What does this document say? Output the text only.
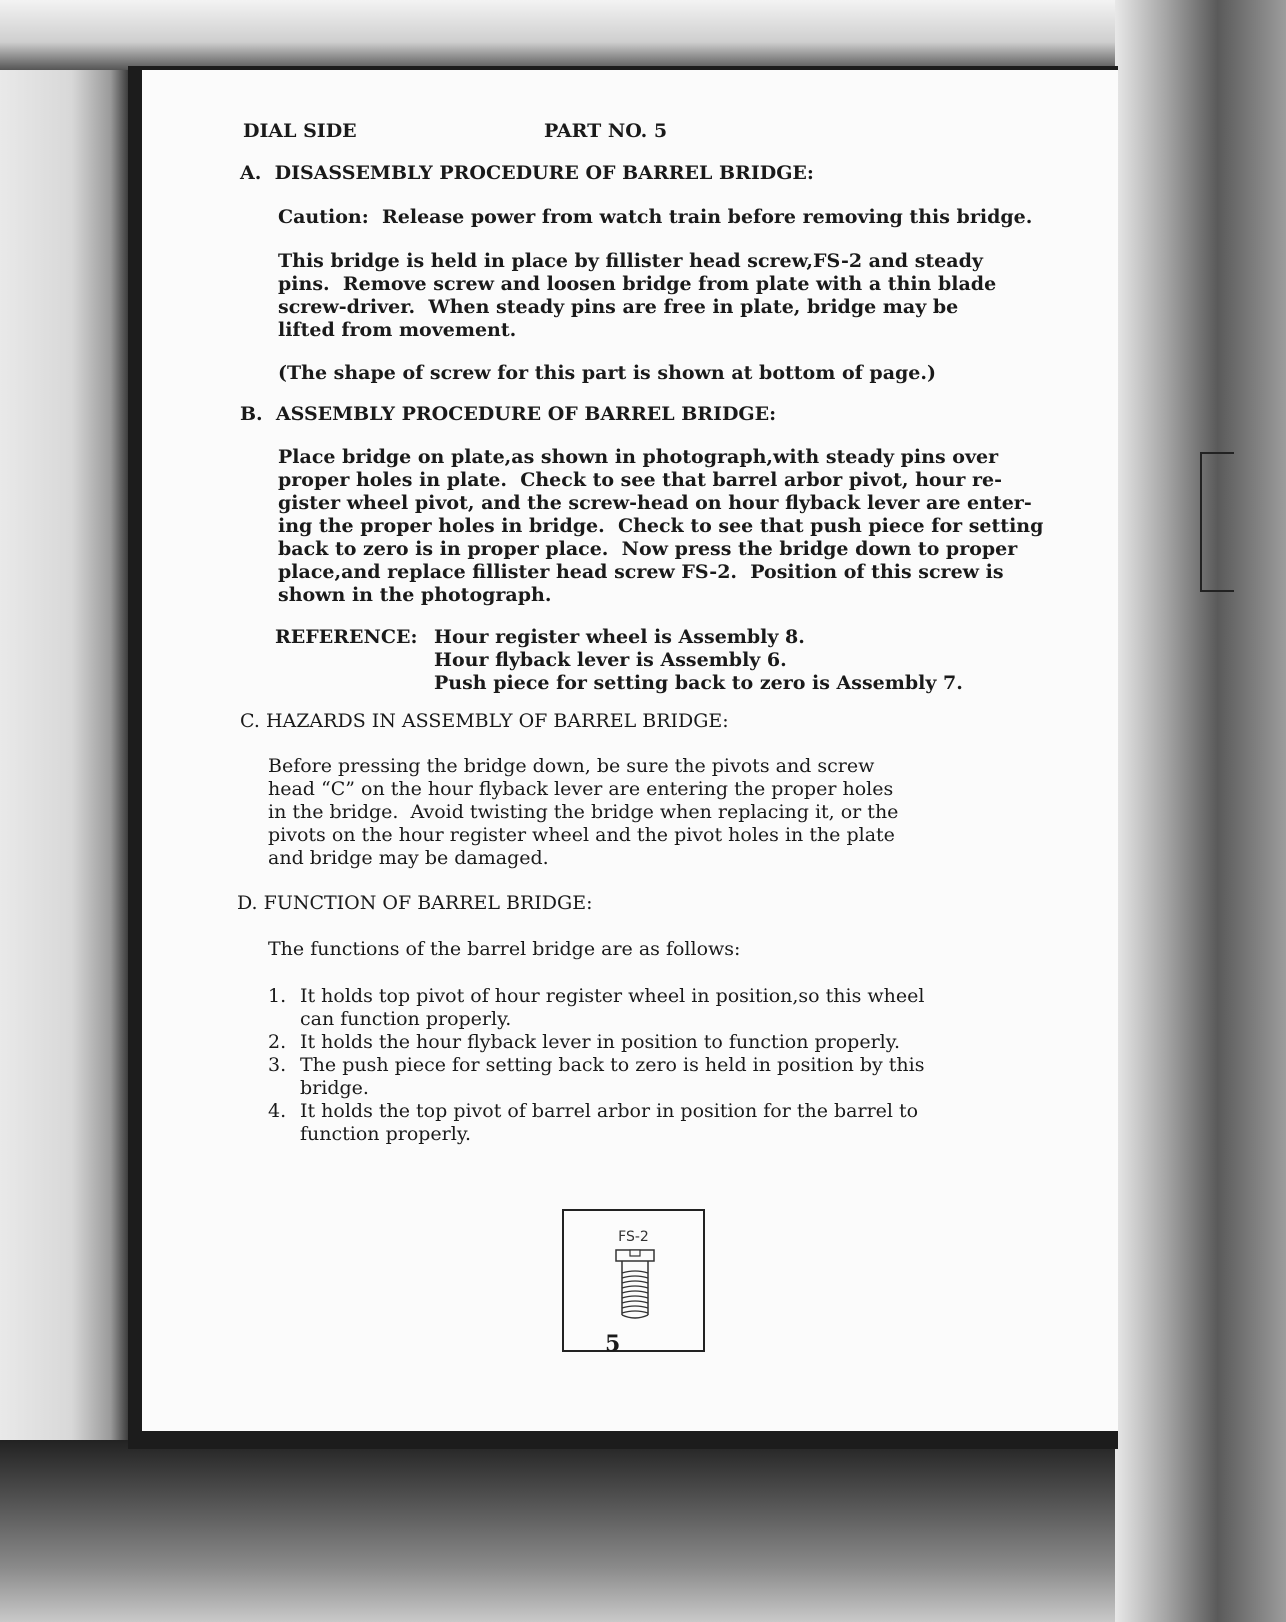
DIAL SIDE	PART NO. 5

A.  DISASSEMBLY PROCEDURE OF BARREL BRIDGE:

Caution:  Release power from watch train before removing this bridge.

This bridge is held in place by fillister head screw,FS-2 and steady

pins.  Remove screw and loosen bridge from plate with a thin blade

screw-driver.  When steady pins are free in plate, bridge may be

lifted from movement.

(The shape of screw for this part is shown at bottom of page.)

B.  ASSEMBLY PROCEDURE OF BARREL BRIDGE:

Place bridge on plate,as shown in photograph,with steady pins over

proper holes in plate.  Check to see that barrel arbor pivot, hour re-

gister wheel pivot, and the screw-head on hour flyback lever are enter-

ing the proper holes in bridge.  Check to see that push piece for setting

back to zero is in proper place.  Now press the bridge down to proper

place,and replace fillister head screw FS-2.  Position of this screw is

shown in the photograph.

REFERENCE: Hour register wheel is Assembly 8.

Hour flyback lever is Assembly 6.

Push piece for setting back to zero is Assembly 7.

C. HAZARDS IN ASSEMBLY OF BARREL BRIDGE:

Before pressing the bridge down, be sure the pivots and screw

head “C” on the hour flyback lever are entering the proper holes

in the bridge.  Avoid twisting the bridge when replacing it, or the

pivots on the hour register wheel and the pivot holes in the plate

and bridge may be damaged.

D. FUNCTION OF BARREL BRIDGE:

The functions of the barrel bridge are as follows:

1. It holds top pivot of hour register wheel in position,so this wheel

can function properly.

2. It holds the hour flyback lever in position to function properly.

3. The push piece for setting back to zero is held in position by this

bridge.

4. It holds the top pivot of barrel arbor in position for the barrel to

function properly.

FS-2

5
